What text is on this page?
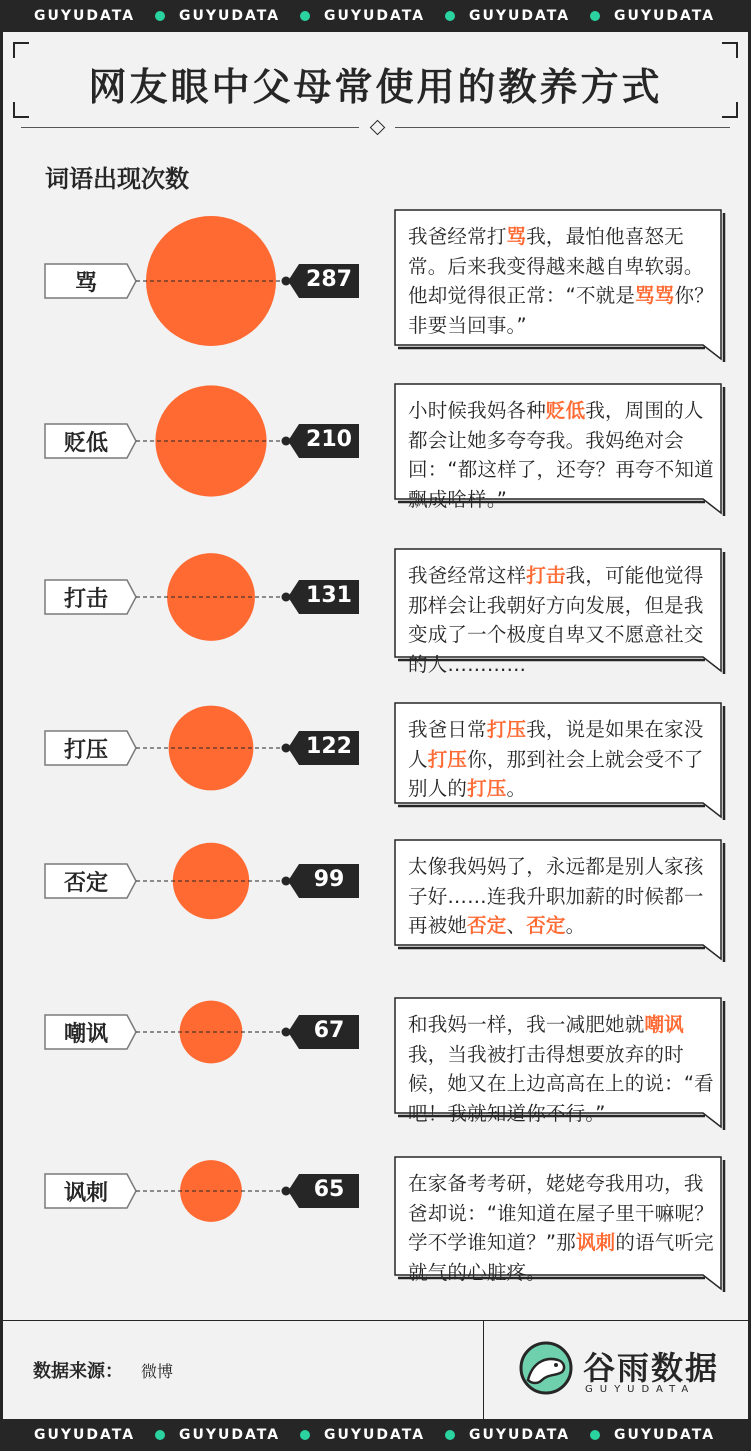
GUYUDATA	GUYUDATA	GUYUDATA	GUYUDATA	GUYUDATA
网友眼中父母常使用的教养方式
词语出现次数
骂	287
我爸经常打骂我，最怕他喜怒无常。后来我变得越来越自卑软弱。他却觉得很正常：“不就是骂骂你？非要当回事。”
贬低	210
小时候我妈各种贬低我，周围的人都会让她多夸夸我。我妈绝对会回：“都这样了，还夸？再夸不知道飘成啥样。”
打击	131
我爸经常这样打击我，可能他觉得那样会让我朝好方向发展，但是我变成了一个极度自卑又不愿意社交的人…………
打压	122
我爸日常打压我，说是如果在家没人打压你，那到社会上就会受不了别人的打压。
否定	99
太像我妈妈了，永远都是别人家孩子好……连我升职加薪的时候都一再被她否定、否定。
嘲讽	67	和我妈一样，我一减肥她就嘲讽我，当我被打击得想要放弃的时候，她又在上边高高在上的说：“看吧！我就知道你不行。”
讽刺	65	在家备考考研，姥姥夸我用功，我爸却说：“谁知道在屋子里干嘛呢？学不学谁知道？”那讽刺的语气听完就气的心脏疼。
数据来源： 微博	谷雨数据
GUYUDATA
GUYUDATA	GUYUDATA	GUYUDATA	GUYUDATA	GUYUDATA
